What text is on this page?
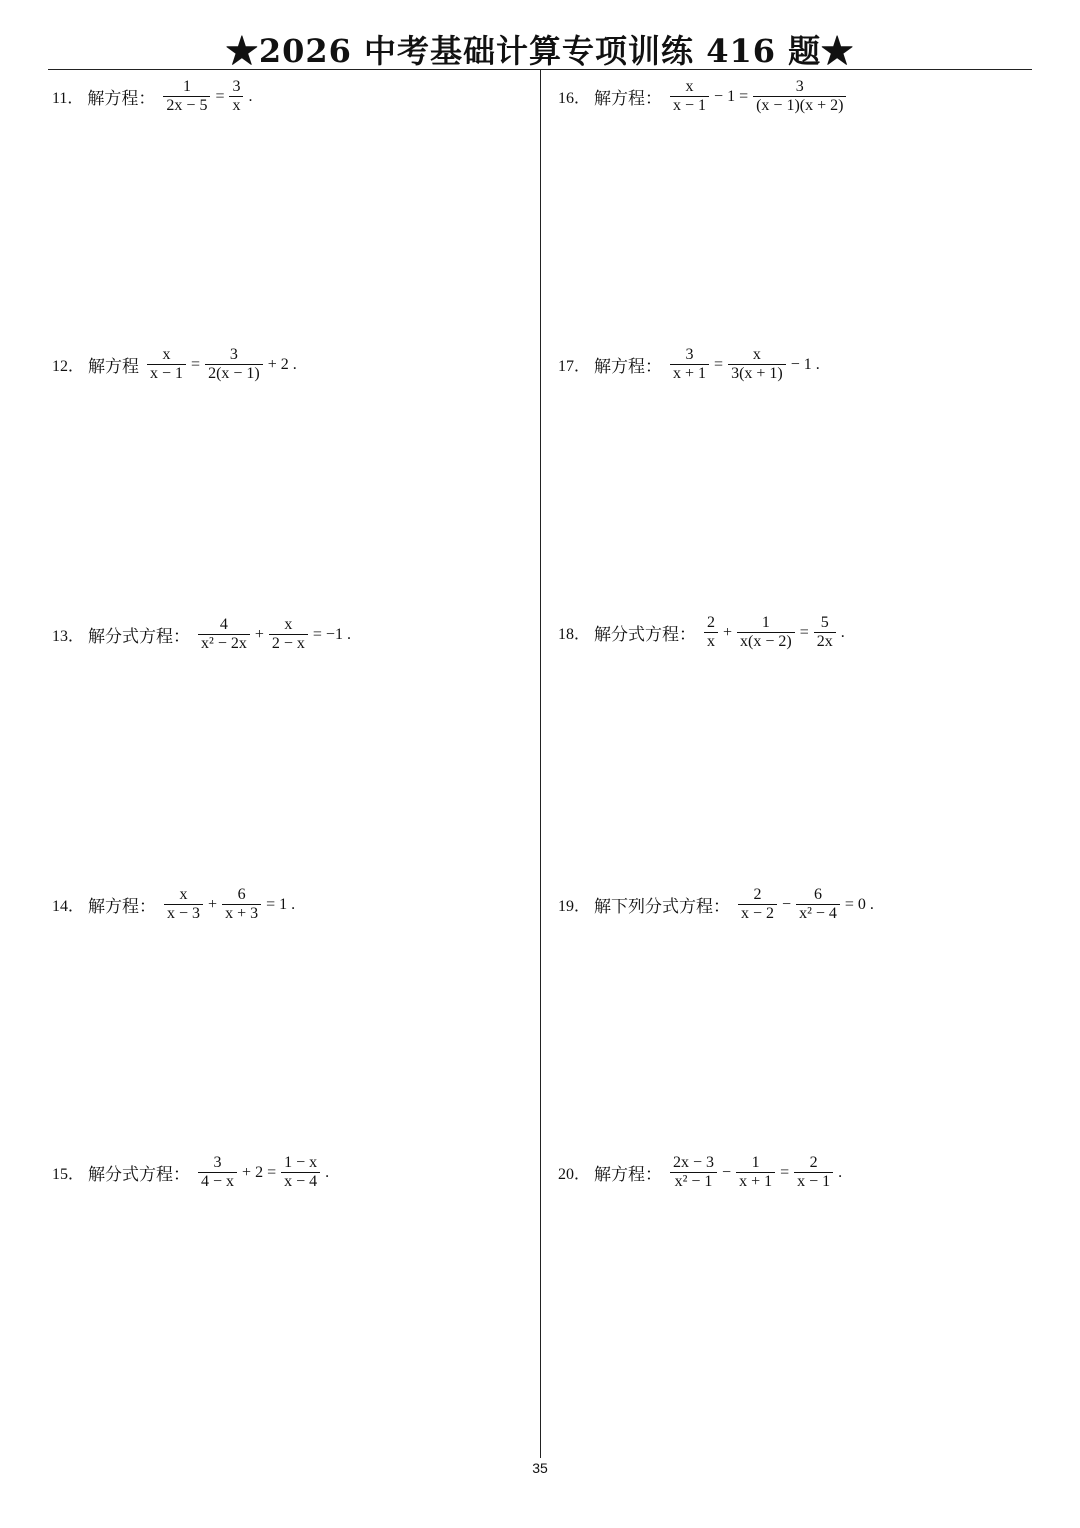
★2026 中考基础计算专项训练 416 题★
11． 解方程： $\frac{1}{2x - 5} = \frac{3}{x}$ .
12． 解方程 $\frac{x}{x - 1} = \frac{3}{2(x - 1)} + 2$ .
13． 解分式方程： $\frac{4}{\text{x² − 2x}} + \frac{x}{2 - x} = -1$ .
14． 解方程： $\frac{x}{x - 3} + \frac{6}{x + 3} = 1$ .
15． 解分式方程： $\frac{3}{4 - x} + 2 = \frac{1 - x}{x - 4}$ .
16． 解方程： $\frac{x}{x - 1} - 1 = \frac{3}{(x - 1)(x + 2)}$
17． 解方程： $\frac{3}{x + 1} = \frac{x}{3(x + 1)} - 1$ .
18． 解分式方程： $\frac{2}{x} + \frac{1}{x(x - 2)} = \frac{5}{2x}$ .
19． 解下列分式方程： $\frac{2}{x - 2} - \frac{6}{\text{x² − 4}} = 0$ .
20． 解方程： $\frac{2x - 3}{\text{x² − 1}} - \frac{1}{x + 1} = \frac{2}{x - 1}$ .
35
